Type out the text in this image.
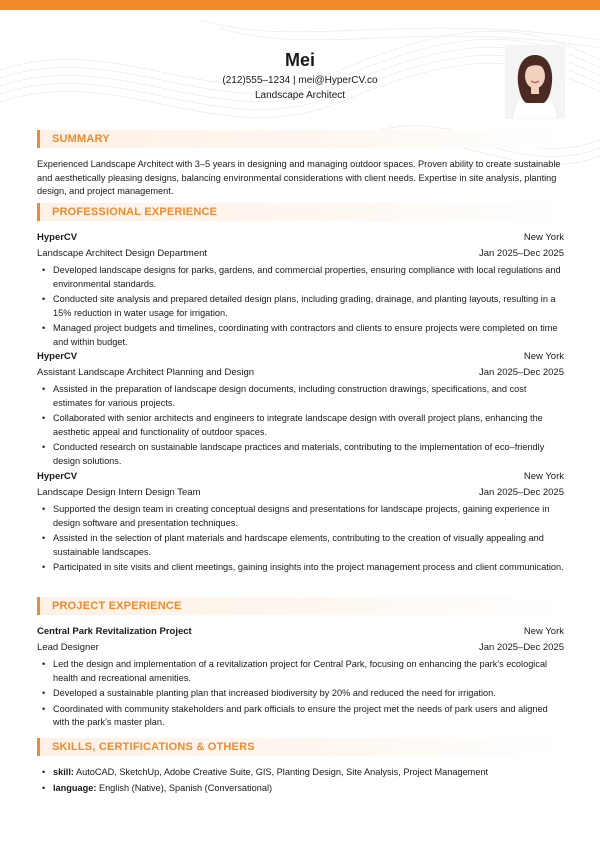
Mei
(212)555–1234 | mei@HyperCV.co
Landscape Architect
SUMMARY
Experienced Landscape Architect with 3–5 years in designing and managing outdoor spaces. Proven ability to create sustainable and aesthetically pleasing designs, balancing environmental considerations with client needs. Expertise in site analysis, planting design, and project management.
PROFESSIONAL EXPERIENCE
HyperCV	New York
Landscape Architect Design Department	Jan 2025–Dec 2025
• Developed landscape designs for parks, gardens, and commercial properties, ensuring compliance with local regulations and environmental standards.
• Conducted site analysis and prepared detailed design plans, including grading, drainage, and planting layouts, resulting in a 15% reduction in water usage for irrigation.
• Managed project budgets and timelines, coordinating with contractors and clients to ensure projects were completed on time and within budget.
HyperCV	New York
Assistant Landscape Architect Planning and Design	Jan 2025–Dec 2025
• Assisted in the preparation of landscape design documents, including construction drawings, specifications, and cost estimates for various projects.
• Collaborated with senior architects and engineers to integrate landscape design with overall project plans, enhancing the aesthetic appeal and functionality of outdoor spaces.
• Conducted research on sustainable landscape practices and materials, contributing to the implementation of eco–friendly design solutions.
HyperCV	New York
Landscape Design Intern Design Team	Jan 2025–Dec 2025
• Supported the design team in creating conceptual designs and presentations for landscape projects, gaining experience in design software and presentation techniques.
• Assisted in the selection of plant materials and hardscape elements, contributing to the creation of visually appealing and sustainable landscapes.
• Participated in site visits and client meetings, gaining insights into the project management process and client communication.
PROJECT EXPERIENCE
Central Park Revitalization Project	New York
Lead Designer	Jan 2025–Dec 2025
• Led the design and implementation of a revitalization project for Central Park, focusing on enhancing the park's ecological health and recreational amenities.
• Developed a sustainable planting plan that increased biodiversity by 20% and reduced the need for irrigation.
• Coordinated with community stakeholders and park officials to ensure the project met the needs of park users and aligned with the park's master plan.
SKILLS, CERTIFICATIONS & OTHERS
• skill: AutoCAD, SketchUp, Adobe Creative Suite, GIS, Planting Design, Site Analysis, Project Management
• language: English (Native), Spanish (Conversational)
